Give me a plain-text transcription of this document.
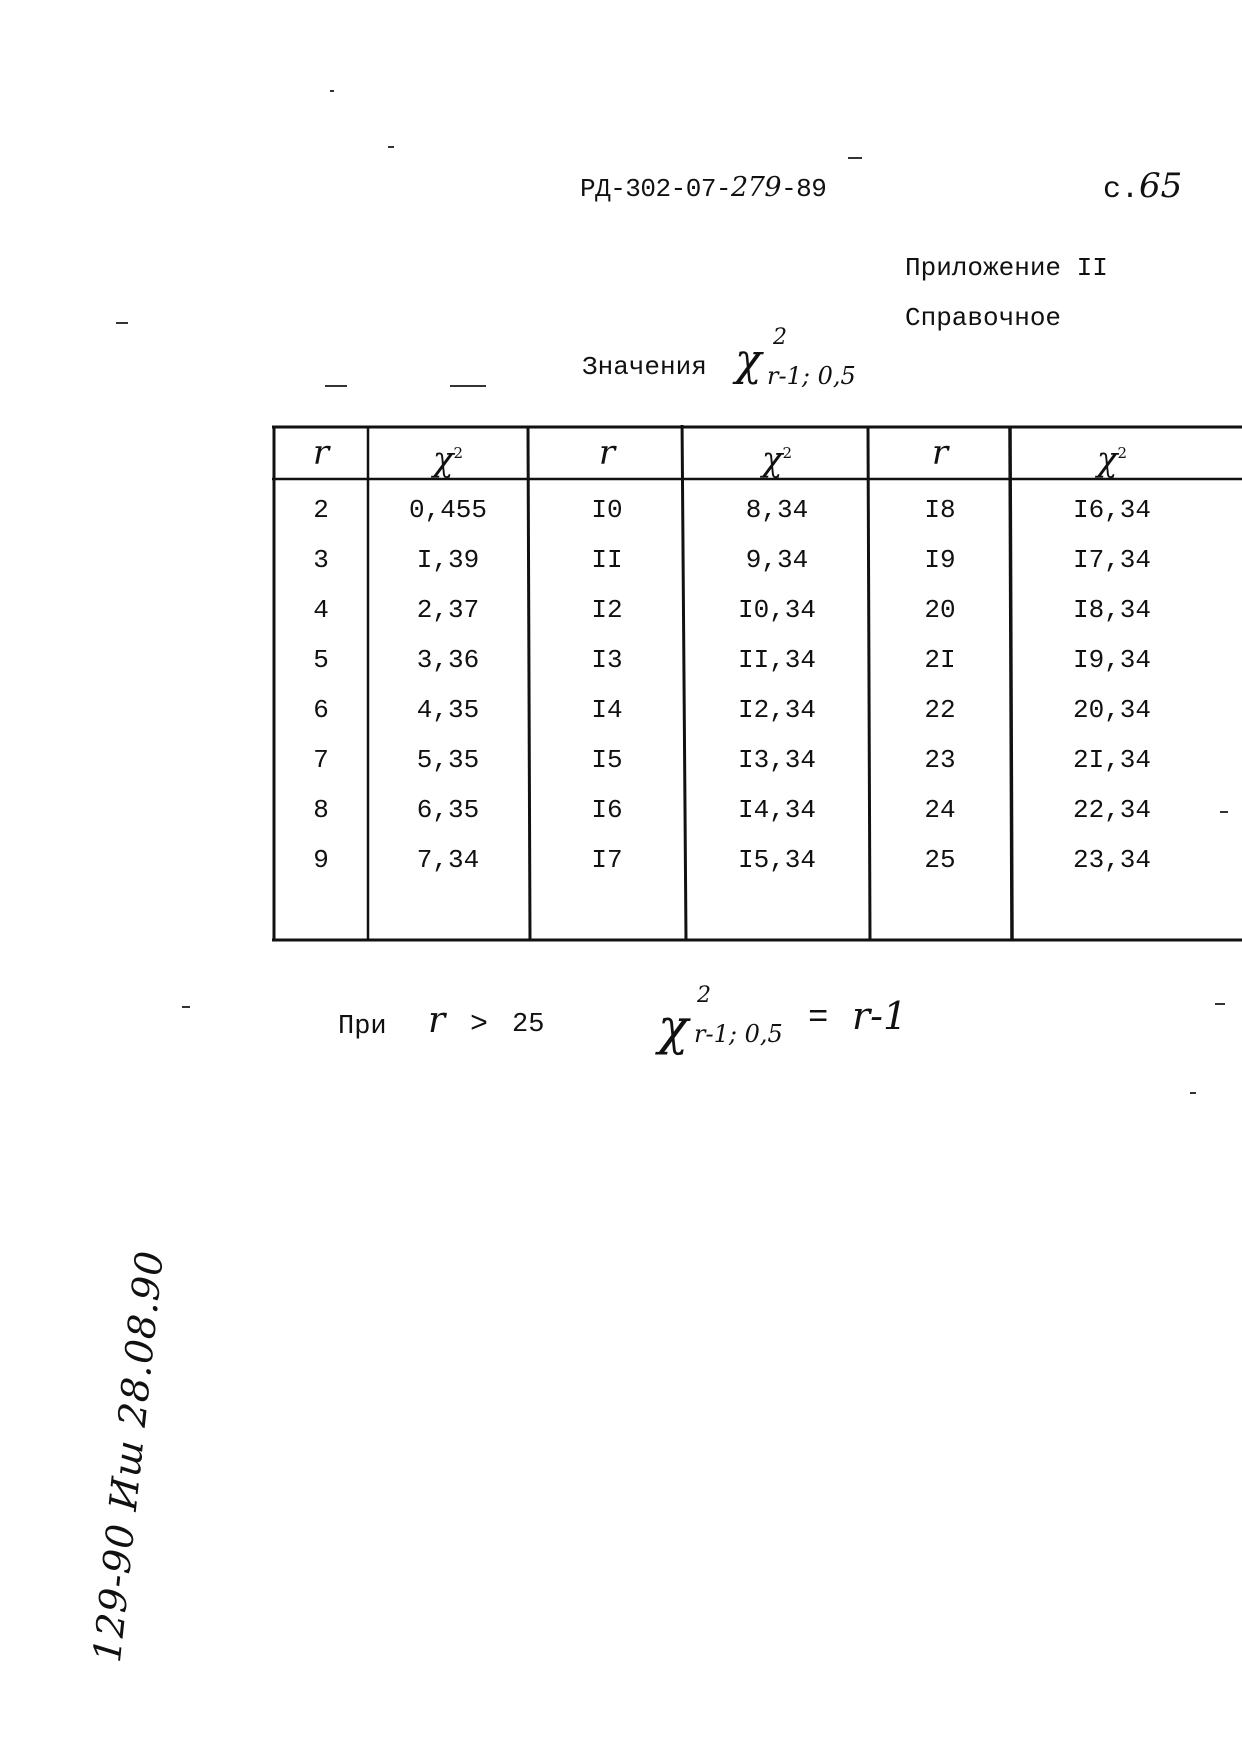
РД-302-07-279-89	с.65
Приложение II
Справочное
Значения χ 2
r-1; 0,5
r	$\chi^2$	r	$\chi^2$	r	$\chi^2$
2	0,455	I0	8,34	I8	I6,34
3	I,39	II	9,34	I9	I7,34
4	2,37	I2	I0,34	20	I8,34
5	3,36	I3	II,34	2I	I9,34
6	4,35	I4	I2,34	22	20,34
7	5,35	I5	I3,34	23	2I,34
8	6,35	I6	I4,34	24	22,34
9	7,34	I7	I5,34	25	23,34
При r > 25 χ
2
r-1; 0,5 = r-1
129-90 Иш 28.08.90
